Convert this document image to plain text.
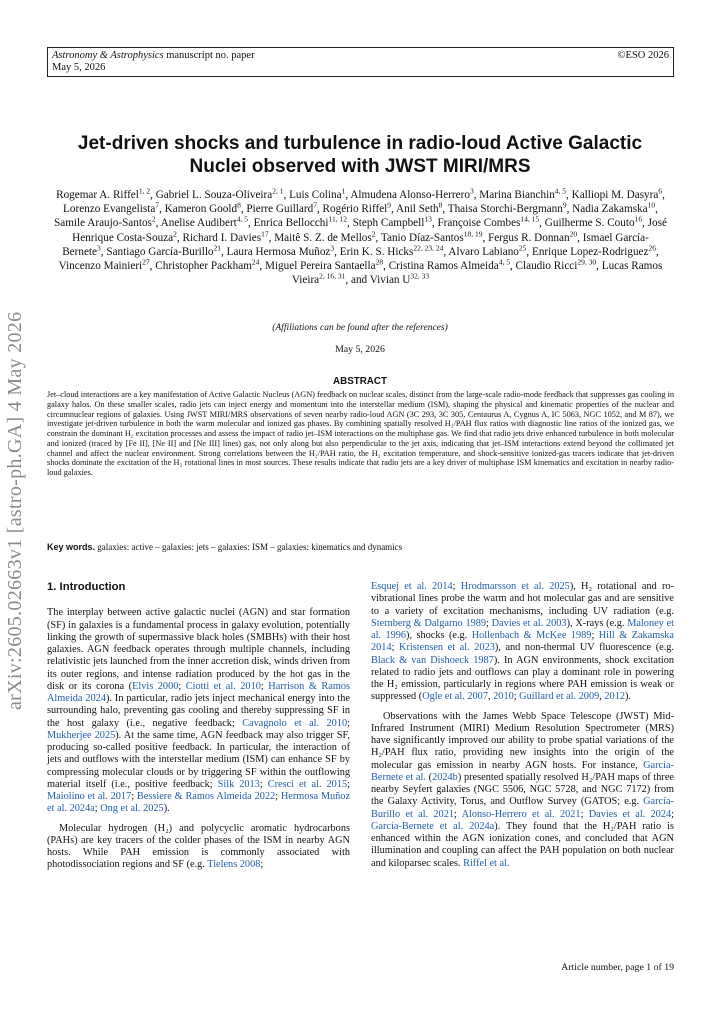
Astronomy & Astrophysics manuscript no. paper
May 5, 2026
©ESO 2026
arXiv:2605.02663v1 [astro-ph.GA] 4 May 2026
Jet-driven shocks and turbulence in radio-loud Active Galactic Nuclei observed with JWST MIRI/MRS
Rogemar A. Riffel$^{1, 2}$, Gabriel L. Souza-Oliveira$^{2, 1}$, Luis Colina$^1$, Almudena Alonso-Herrero$^3$, Marina Bianchin$^{4, 5}$, Kalliopi M. Dasyra$^6$, Lorenzo Evangelista$^7$, Kameron Goold$^8$, Pierre Guillard$^7$, Rogério Riffel$^9$, Anil Seth$^8$, Thaisa Storchi-Bergmann$^9$, Nadia Zakamska$^{10}$, Samile Araujo-Santos$^2$, Anelise Audibert$^{4, 5}$, Enrica Bellocchi$^{11, 12}$, Steph Campbell$^{13}$, Françoise Combes$^{14, 15}$, Guilherme S. Couto$^{16}$, José Henrique Costa-Souza$^2$, Richard I. Davies$^{17}$, Maitê S. Z. de Mellos$^2$, Tanio Díaz-Santos$^{18, 19}$, Fergus R. Donnan$^{20}$, Ismael García-Bernete$^3$, Santiago García-Burillo$^{21}$, Laura Hermosa Muñoz$^3$, Erin K. S. Hicks$^{22, 23, 24}$, Alvaro Labiano$^{25}$, Enrique Lopez-Rodriguez$^{26}$, Vincenzo Mainieri$^{27}$, Christopher Packham$^{24}$, Miguel Pereira Santaella$^{28}$, Cristina Ramos Almeida$^{4, 5}$, Claudio Ricci$^{29, 30}$, Lucas Ramos Vieira$^{2, 16, 31}$, and Vivian U$^{32, 33}$
(Affiliations can be found after the references)
May 5, 2026
ABSTRACT
Jet–cloud interactions are a key manifestation of Active Galactic Nucleus (AGN) feedback on nuclear scales, distinct from the large-scale radio-mode feedback that suppresses gas cooling in galaxy halos. On these smaller scales, radio jets can inject energy and momentum into the interstellar medium (ISM), shaping the physical and kinematic properties of the nuclear and circumnuclear regions of galaxies. Using JWST MIRI/MRS observations of seven nearby radio-loud AGN (3C 293, 3C 305, Centaurus A, Cygnus A, IC 5063, NGC 1052, and M 87), we investigate jet-driven turbulence in both the warm molecular and ionized gas phases. By combining spatially resolved H₂/PAH flux ratios with diagnostic line ratios of the ionized gas, we constrain the dominant H₂ excitation processes and assess the impact of radio jet–ISM interactions on the multiphase gas. We find that radio jets drive enhanced turbulence in both molecular and ionized (traced by [Fe II], [Ne II] and [Ne III] lines) gas, not only along but also perpendicular to the jet axis, indicating that jet–ISM interactions extend beyond the collimated jet channel and affect the nuclear environment. Strong correlations between the H₂/PAH ratio, the H₂ excitation temperature, and shock-sensitive ionized-gas tracers indicate that jet-driven shocks dominate the excitation of the H₂ rotational lines in most sources. These results indicate that radio jets are a key driver of multiphase ISM kinematics and excitation in nearby radio-loud galaxies.
Key words. galaxies: active – galaxies: jets – galaxies: ISM – galaxies: kinematics and dynamics
1. Introduction

The interplay between active galactic nuclei (AGN) and star formation (SF) in galaxies is a fundamental process in galaxy evolution, potentially linking the growth of supermassive black holes (SMBHs) with their host galaxies. AGN feedback operates through multiple channels, including relativistic jets launched from the inner accretion disk, winds driven from its outer regions, and intense radiation produced by the hot gas in the disk or its corona (Elvis 2000; Ciotti et al. 2010; Harrison & Ramos Almeida 2024). In particular, radio jets inject mechanical energy into the surrounding halo, preventing gas cooling and thereby suppressing SF in the host galaxy (i.e., negative feedback; Cavagnolo et al. 2010; Mukherjee 2025). At the same time, AGN feedback may also trigger SF, producing so-called positive feedback. In particular, the interaction of jets and outflows with the interstellar medium (ISM) can enhance SF by compressing molecular clouds or by triggering SF within the outflowing material itself (i.e., positive feedback; Silk 2013; Cresci et al. 2015; Maiolino et al. 2017; Bessiere & Ramos Almeida 2022; Hermosa Muñoz et al. 2024a; Ong et al. 2025).

Molecular hydrogen (H₂) and polycyclic aromatic hydrocarbons (PAHs) are key tracers of the colder phases of the ISM in nearby AGN hosts. While PAH emission is commonly associated with photodissociation regions and SF (e.g. Tielens 2008;

Esquej et al. 2014; Hrodmarsson et al. 2025), H₂ rotational and ro-vibrational lines probe the warm and hot molecular gas and are sensitive to a variety of excitation mechanisms, including UV radiation (e.g. Sternberg & Dalgarno 1989; Davies et al. 2003), X-rays (e.g. Maloney et al. 1996), shocks (e.g. Hollenbach & McKee 1989; Hill & Zakamska 2014; Kristensen et al. 2023), and non-thermal UV fluorescence (e.g. Black & van Dishoeck 1987). In AGN environments, shock excitation related to radio jets and outflows can play a dominant role in powering the H₂ emission, particularly in regions where PAH emission is weak or suppressed (Ogle et al. 2007, 2010; Guillard et al. 2009, 2012).

Observations with the James Webb Space Telescope (JWST) Mid-Infrared Instrument (MIRI) Medium Resolution Spectrometer (MRS) have significantly improved our ability to probe spatial variations of the H₂/PAH flux ratio, providing new insights into the origin of the molecular gas emission in nearby AGN hosts. For instance, García-Bernete et al. (2024b) presented spatially resolved H₂/PAH maps of three nearby Seyfert galaxies (NGC 5506, NGC 5728, and NGC 7172) from the Galaxy Activity, Torus, and Outflow Survey (GATOS; e.g. García-Burillo et al. 2021; Alonso-Herrero et al. 2021; Davies et al. 2024; García-Bernete et al. 2024a). They found that the H₂/PAH ratio is enhanced within the AGN ionization cones, and concluded that AGN illumination and coupling can affect the PAH population on both nuclear and kiloparsec scales. Riffel et al.

Article number, page 1 of 19
